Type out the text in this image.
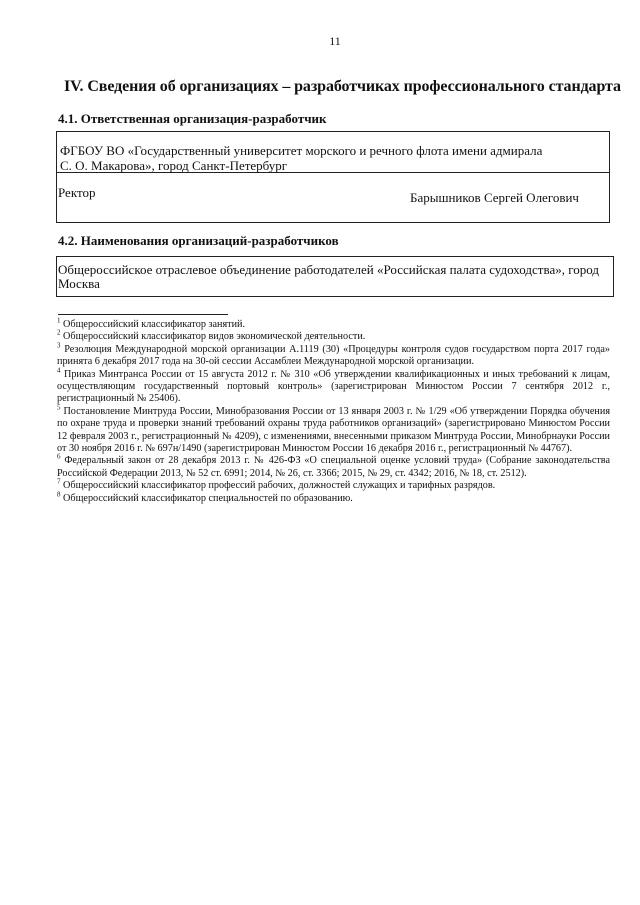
11
IV. Сведения об организациях – разработчиках профессионального стандарта
4.1. Ответственная организация-разработчик
ФГБОУ ВО «Государственный университет морского и речного флота имени адмирала
С. О. Макарова», город Санкт-Петербург
Ректор	Барышников Сергей Олегович
4.2. Наименования организаций-разработчиков
Общероссийское отраслевое объединение работодателей «Российская палата судоходства», город
Москва

$^1$ Общероссийский классификатор занятий.

$^2$ Общероссийский классификатор видов экономической деятельности.

$^3$ Резолюция Международной морской организации A.1119 (30) «Процедуры контроля судов государством порта 2017 года» принята 6 декабря 2017 года на 30-ой сессии Ассамблеи Международной морской организации.

$^4$ Приказ Минтранса России от 15 августа 2012 г. № 310 «Об утверждении квалификационных и иных требований к лицам, осуществляющим государственный портовый контроль» (зарегистрирован Минюстом России 7 сентября 2012 г., регистрационный № 25406).

$^5$ Постановление Минтруда России, Минобразования России от 13 января 2003 г. № 1/29 «Об утверждении Порядка обучения по охране труда и проверки знаний требований охраны труда работников организаций» (зарегистрировано Минюстом России 12 февраля 2003 г., регистрационный № 4209), с изменениями, внесенными приказом Минтруда России, Минобрнауки России от 30 ноября 2016 г. № 697н/1490 (зарегистрирован Минюстом России 16 декабря 2016 г., регистрационный № 44767).

$^6$ Федеральный закон от 28 декабря 2013 г. № 426-ФЗ «О специальной оценке условий труда» (Собрание законодательства Российской Федерации 2013, № 52 ст. 6991; 2014, № 26, ст. 3366; 2015, № 29, ст. 4342; 2016, № 18, ст. 2512).

$^7$ Общероссийский классификатор профессий рабочих, должностей служащих и тарифных разрядов.

$^8$ Общероссийский классификатор специальностей по образованию.
